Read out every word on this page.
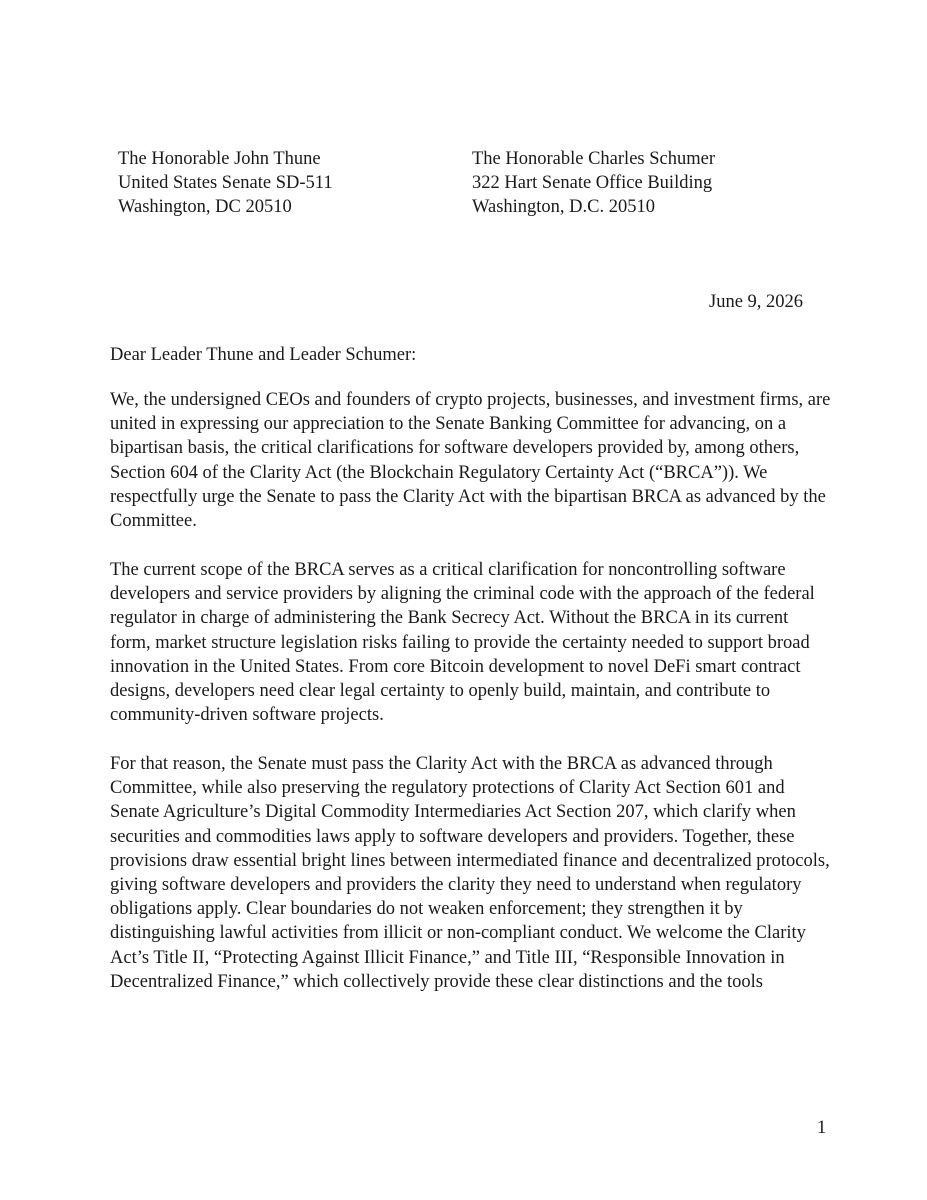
The Honorable John Thune
United States Senate SD-511
Washington, DC 20510
The Honorable Charles Schumer
322 Hart Senate Office Building
Washington, D.C. 20510
June 9, 2026
Dear Leader Thune and Leader Schumer:
We, the undersigned CEOs and founders of crypto projects, businesses, and investment firms, are
united in expressing our appreciation to the Senate Banking Committee for advancing, on a
bipartisan basis, the critical clarifications for software developers provided by, among others,
Section 604 of the Clarity Act (the Blockchain Regulatory Certainty Act (“BRCA”)). We
respectfully urge the Senate to pass the Clarity Act with the bipartisan BRCA as advanced by the
Committee.
The current scope of the BRCA serves as a critical clarification for noncontrolling software
developers and service providers by aligning the criminal code with the approach of the federal
regulator in charge of administering the Bank Secrecy Act. Without the BRCA in its current
form, market structure legislation risks failing to provide the certainty needed to support broad
innovation in the United States. From core Bitcoin development to novel DeFi smart contract
designs, developers need clear legal certainty to openly build, maintain, and contribute to
community-driven software projects.
For that reason, the Senate must pass the Clarity Act with the BRCA as advanced through
Committee, while also preserving the regulatory protections of Clarity Act Section 601 and
Senate Agriculture’s Digital Commodity Intermediaries Act Section 207, which clarify when
securities and commodities laws apply to software developers and providers. Together, these
provisions draw essential bright lines between intermediated finance and decentralized protocols,
giving software developers and providers the clarity they need to understand when regulatory
obligations apply. Clear boundaries do not weaken enforcement; they strengthen it by
distinguishing lawful activities from illicit or non-compliant conduct. We welcome the Clarity
Act’s Title II, “Protecting Against Illicit Finance,” and Title III, “Responsible Innovation in
Decentralized Finance,” which collectively provide these clear distinctions and the tools
1
